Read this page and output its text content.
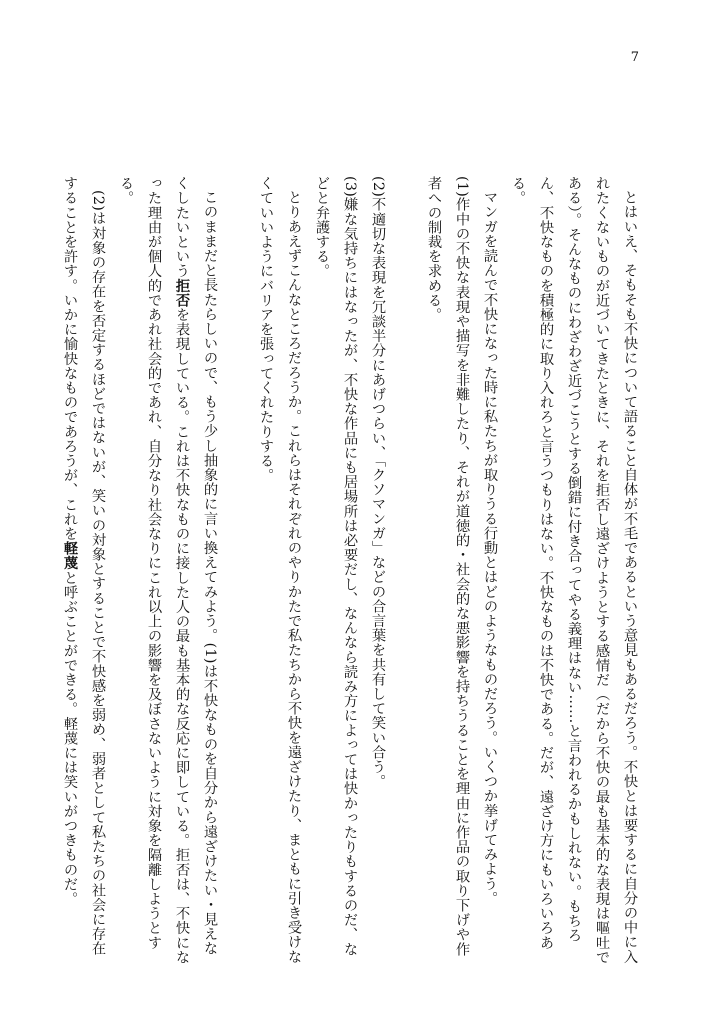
7

とはいえ、そもそも不快について語ること自体が不毛であるという意見もあるだろう。不快とは要するに自分の中に入れたくないものが近づいてきたときに、それを拒否し遠ざけようとする感情だ（だから不快の最も基本的な表現は嘔吐である）。そんなものにわざわざ近づこうとする倒錯に付き合ってやる義理はない……と言われるかもしれない。もちろん、不快なものを積極的に取り入れろと言うつもりはない。不快なものは不快である。だが、遠ざけ方にもいろいろある。

マンガを読んで不快になった時に私たちが取りうる行動とはどのようなものだろう。いくつか挙げてみよう。

(1)作中の不快な表現や描写を非難したり、それが道徳的・社会的な悪影響を持ちうることを理由に作品の取り下げや作者への制裁を求める。

(2)不適切な表現を冗談半分にあげつらい、「クソマンガ」などの合言葉を共有して笑い合う。

(3)嫌な気持ちにはなったが、不快な作品にも居場所は必要だし、なんなら読み方によっては快かったりもするのだ、などと弁護する。

とりあえずこんなところだろうか。これらはそれぞれのやりかたで私たちから不快を遠ざけたり、まともに引き受けなくていいようにバリアを張ってくれたりする。

このままだと長たらしいので、もう少し抽象的に言い換えてみよう。(1)は不快なものを自分から遠ざけたい・見えなくしたいという拒否を表現している。これは不快なものに接した人の最も基本的な反応に即している。拒否は、不快になった理由が個人的であれ社会的であれ、自分なり社会なりにこれ以上の影響を及ぼさないように対象を隔離しようとする。

(2)は対象の存在を否定するほどではないが、笑いの対象とすることで不快感を弱め、弱者として私たちの社会に存在することを許す。いかに愉快なものであろうが、これを軽蔑と呼ぶことができる。軽蔑には笑いがつきものだ。
